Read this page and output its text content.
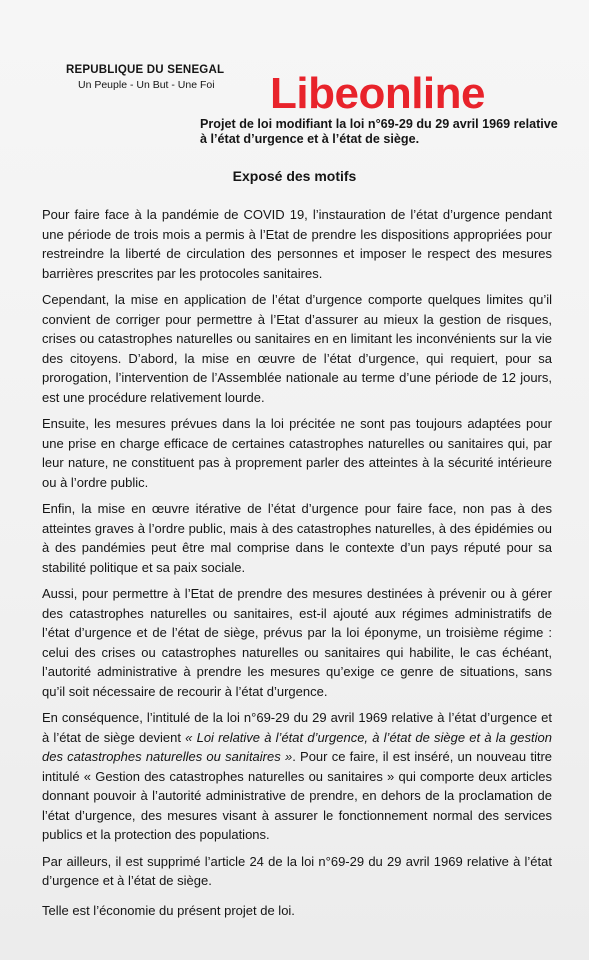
REPUBLIQUE DU SENEGAL
Un Peuple - Un But - Une Foi	Libeonline
Projet de loi modifiant la loi n°69-29 du 29 avril 1969 relative à l’état d’urgence et à l’état de siège.
Exposé des motifs

Pour faire face à la pandémie de COVID 19, l’instauration de l’état d’urgence pendant une période de trois mois a permis à l’Etat de prendre les dispositions appropriées pour restreindre la liberté de circulation des personnes et imposer le respect des mesures barrières prescrites par les protocoles sanitaires.

Cependant, la mise en application de l’état d’urgence comporte quelques limites qu’il convient de corriger pour permettre à l’Etat d’assurer au mieux la gestion de risques, crises ou catastrophes naturelles ou sanitaires en en limitant les inconvénients sur la vie des citoyens. D’abord, la mise en œuvre de l’état d’urgence, qui requiert, pour sa prorogation, l’intervention de l’Assemblée nationale au terme d’une période de 12 jours, est une procédure relativement lourde.

Ensuite, les mesures prévues dans la loi précitée ne sont pas toujours adaptées pour une prise en charge efficace de certaines catastrophes naturelles ou sanitaires qui, par leur nature, ne constituent pas à proprement parler des atteintes à la sécurité intérieure ou à l’ordre public.

Enfin, la mise en œuvre itérative de l’état d’urgence pour faire face, non pas à des atteintes graves à l’ordre public, mais à des catastrophes naturelles, à des épidémies ou à des pandémies peut être mal comprise dans le contexte d’un pays réputé pour sa stabilité politique et sa paix sociale.

Aussi, pour permettre à l’Etat de prendre des mesures destinées à prévenir ou à gérer des catastrophes naturelles ou sanitaires, est-il ajouté aux régimes administratifs de l’état d’urgence et de l’état de siège, prévus par la loi éponyme, un troisième régime : celui des crises ou catastrophes naturelles ou sanitaires qui habilite, le cas échéant, l’autorité administrative à prendre les mesures qu’exige ce genre de situations, sans qu’il soit nécessaire de recourir à l’état d’urgence.

En conséquence, l’intitulé de la loi n°69-29 du 29 avril 1969 relative à l’état d’urgence et à l’état de siège devient « Loi relative à l’état d’urgence, à l’état de siège et à la gestion des catastrophes naturelles ou sanitaires ». Pour ce faire, il est inséré, un nouveau titre intitulé « Gestion des catastrophes naturelles ou sanitaires » qui comporte deux articles donnant pouvoir à l’autorité administrative de prendre, en dehors de la proclamation de l’état d’urgence, des mesures visant à assurer le fonctionnement normal des services publics et la protection des populations.

Par ailleurs, il est supprimé l’article 24 de la loi n°69-29 du 29 avril 1969 relative à l’état d’urgence et à l’état de siège.

Telle est l’économie du présent projet de loi.
